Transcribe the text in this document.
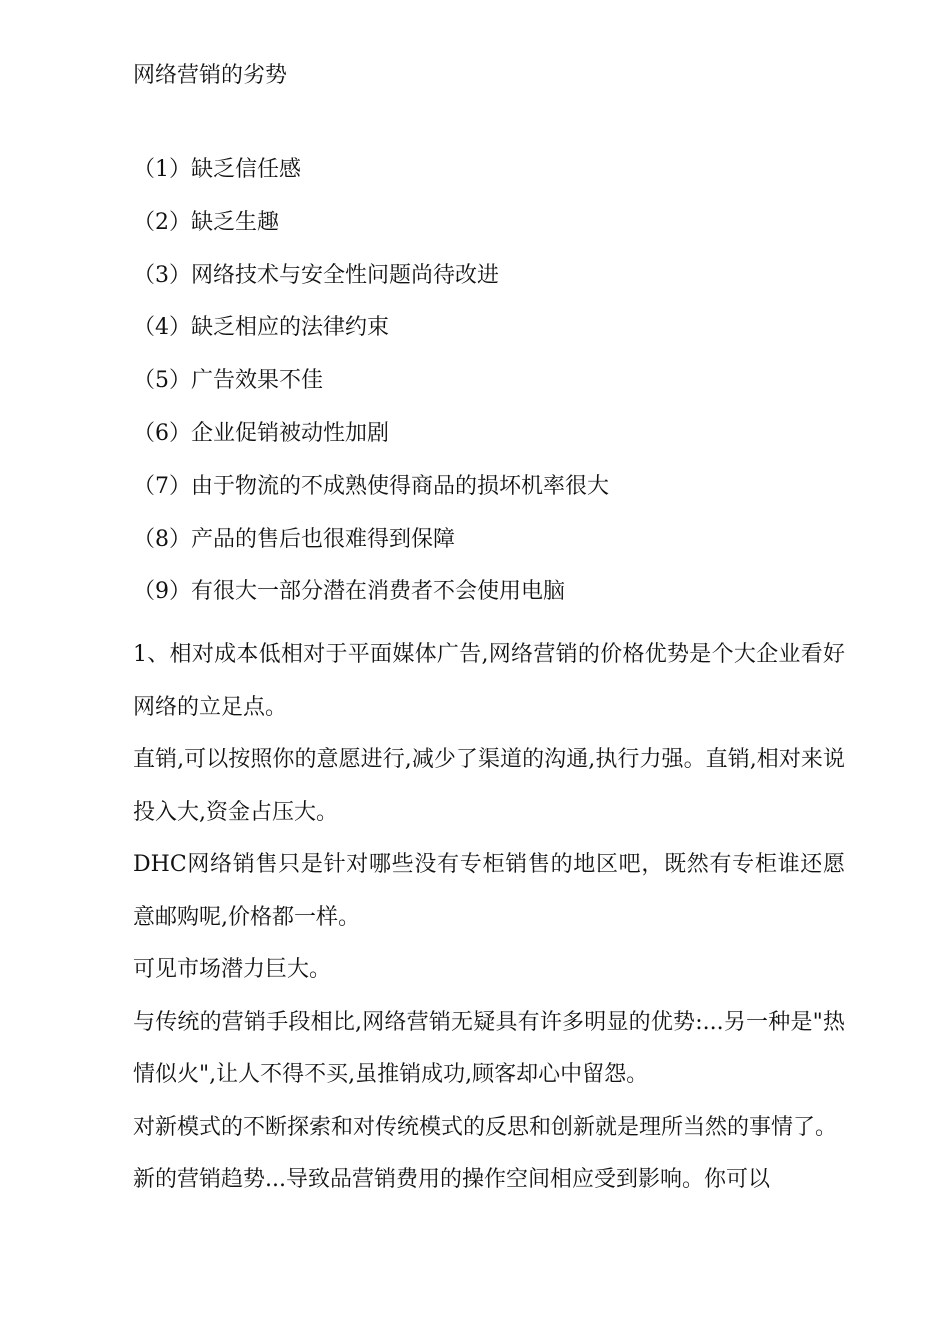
网络营销的劣势
（1）缺乏信任感
（2）缺乏生趣
（3）网络技术与安全性问题尚待改进
（4）缺乏相应的法律约束
（5）广告效果不佳
（6）企业促销被动性加剧
（7）由于物流的不成熟使得商品的损坏机率很大
（8）产品的售后也很难得到保障
（9）有很大一部分潜在消费者不会使用电脑

1、相对成本低相对于平面媒体广告,网络营销的价格优势是个大企业看好网络的立足点。

直销,可以按照你的意愿进行,减少了渠道的沟通,执行力强。直销,相对来说投入大,资金占压大。

DHC网络销售只是针对哪些没有专柜销售的地区吧，既然有专柜谁还愿意邮购呢,价格都一样。

可见市场潜力巨大。

与传统的营销手段相比,网络营销无疑具有许多明显的优势:...另一种是"热情似火",让人不得不买,虽推销成功,顾客却心中留怨。

对新模式的不断探索和对传统模式的反思和创新就是理所当然的事情了。

新的营销趋势...导致品营销费用的操作空间相应受到影响。你可以
